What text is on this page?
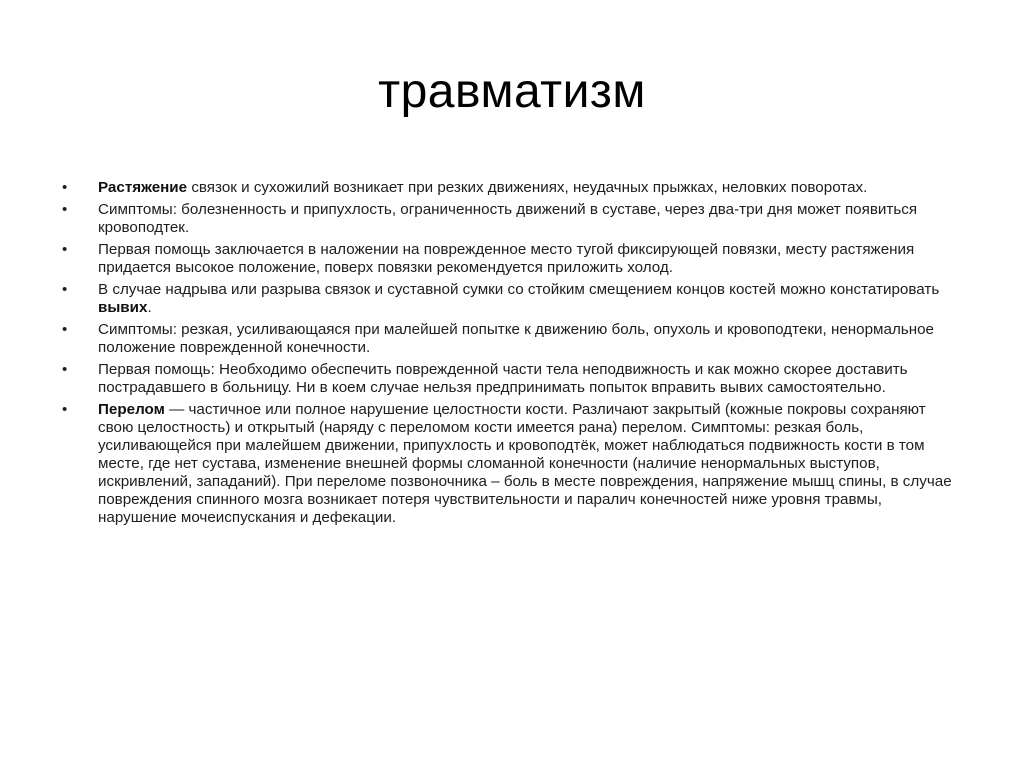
травматизм
•	Растяжение связок и сухожилий возникает при резких движениях, неудачных прыжках, неловких поворотах.
•	Симптомы: болезненность и припухлость, ограниченность движений в суставе, через два-три дня может появиться кровоподтек.
•	Первая помощь заключается в наложении на поврежденное место тугой фиксирующей повязки, месту растяжения придается высокое положение, поверх повязки рекомендуется приложить холод.
•	В случае надрыва или разрыва связок и суставной сумки со стойким смещением концов костей можно констатировать вывих.
•	Симптомы: резкая, усиливающаяся при малейшей попытке к движению боль, опухоль и кровоподтеки, ненормальное положение поврежденной конечности.
•	Первая помощь: Необходимо обеспечить поврежденной части тела неподвижность и как можно скорее доставить пострадавшего в больницу. Ни в коем случае нельзя предпринимать попыток вправить вывих самостоятельно.
•	Перелом — частичное или полное нарушение целостности кости. Различают закрытый (кожные покровы сохраняют свою целостность) и открытый (наряду с переломом кости имеется рана) перелом. Симптомы: резкая боль, усиливающейся при малейшем движении, припухлость и кровоподтёк, может наблюдаться подвижность кости в том месте, где нет сустава, изменение внешней формы сломанной конечности (наличие ненормальных выступов, искривлений, западаний). При переломе позвоночника – боль в месте повреждения, напряжение мышц спины, в случае повреждения спинного мозга возникает потеря чувствительности и паралич конечностей ниже уровня травмы, нарушение мочеиспускания и дефекации.
